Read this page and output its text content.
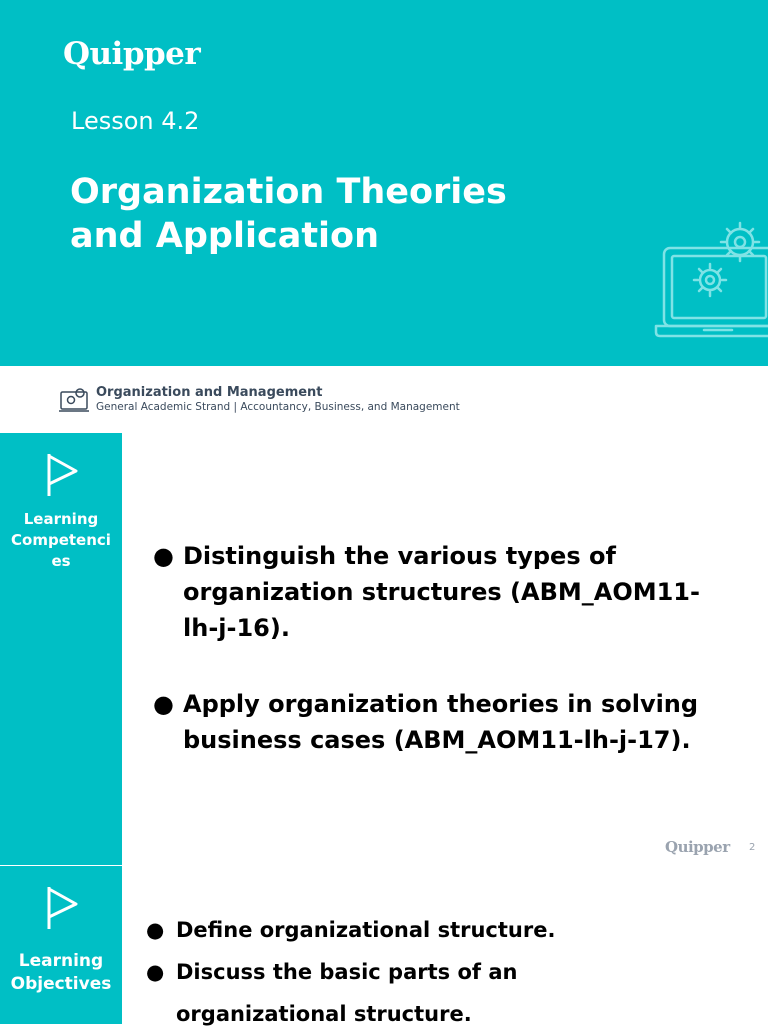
Quipper
Lesson 4.2
Organization Theories
and Application
Organization and Management
General Academic Strand | Accountancy, Business, and Management
Learning
Competenci
es	● Distinguish the various types of
organization structures (ABM_AOM11-
lh-j-16).
● Apply organization theories in solving
business cases (ABM_AOM11-lh-j-17).
Quipper 2
Learning
Objectives
● Define organizational structure.
● Discuss the basic parts of an
organizational structure.
